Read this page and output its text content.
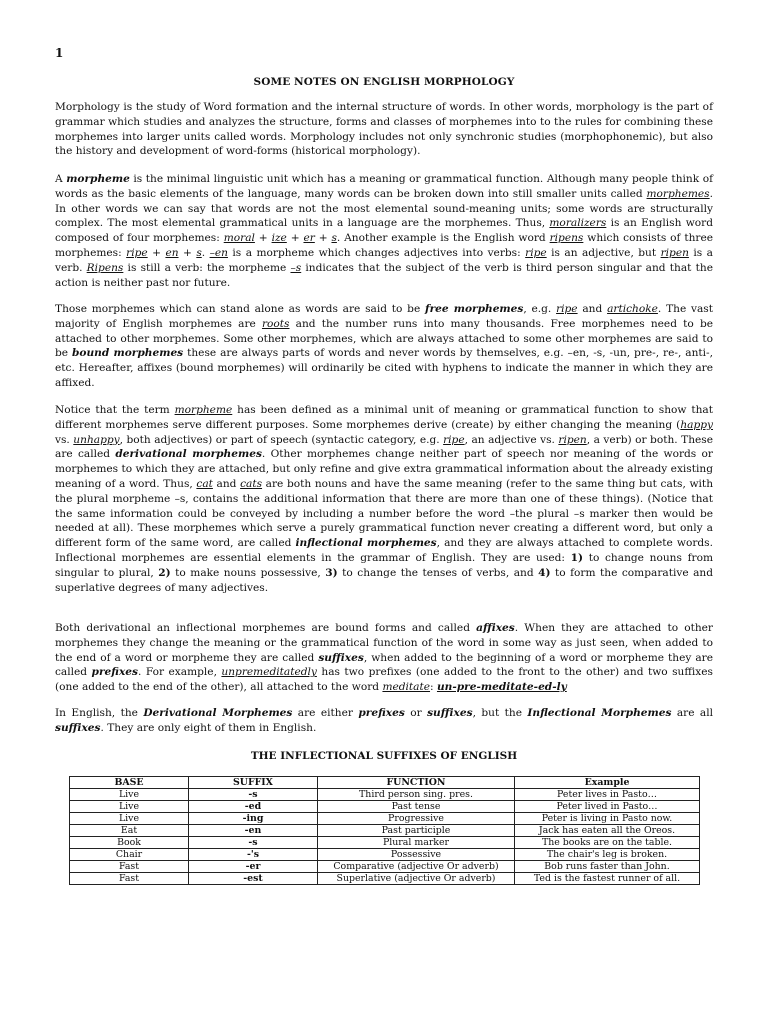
1
SOME NOTES ON ENGLISH MORPHOLOGY

Morphology is the study of Word formation and the internal structure of words. In other words, morphology is the part of grammar which studies and analyzes the structure, forms and classes of morphemes into to the rules for combining these morphemes into larger units called words. Morphology includes not only synchronic studies (morphophonemic), but also the history and development of word-forms (historical morphology).

A morpheme is the minimal linguistic unit which has a meaning or grammatical function. Although many people think of words as the basic elements of the language, many words can be broken down into still smaller units called morphemes. In other words we can say that words are not the most elemental sound-meaning units; some words are structurally complex. The most elemental grammatical units in a language are the morphemes. Thus, moralizers is an English word composed of four morphemes: moral + ize + er + s. Another example is the English word ripens which consists of three morphemes: ripe + en + s. –en is a morpheme which changes adjectives into verbs: ripe is an adjective, but ripen is a verb. Ripens is still a verb: the morpheme –s indicates that the subject of the verb is third person singular and that the action is neither past nor future.

Those morphemes which can stand alone as words are said to be free morphemes, e.g. ripe and artichoke. The vast majority of English morphemes are roots and the number runs into many thousands. Free morphemes need to be attached to other morphemes. Some other morphemes, which are always attached to some other morphemes are said to be bound morphemes these are always parts of words and never words by themselves, e.g. –en, -s, -un, pre-, re-, anti-, etc. Hereafter, affixes (bound morphemes) will ordinarily be cited with hyphens to indicate the manner in which they are affixed.

Notice that the term morpheme has been defined as a minimal unit of meaning or grammatical function to show that different morphemes serve different purposes. Some morphemes derive (create) by either changing the meaning (happy vs. unhappy, both adjectives) or part of speech (syntactic category, e.g. ripe, an adjective vs. ripen, a verb) or both. These are called derivational morphemes. Other morphemes change neither part of speech nor meaning of the words or morphemes to which they are attached, but only refine and give extra grammatical information about the already existing meaning of a word. Thus, cat and cats are both nouns and have the same meaning (refer to the same thing but cats, with the plural morpheme –s, contains the additional information that there are more than one of these things). (Notice that the same information could be conveyed by including a number before the word –the plural –s marker then would be needed at all). These morphemes which serve a purely grammatical function never creating a different word, but only a different form of the same word, are called inflectional morphemes, and they are always attached to complete words. Inflectional morphemes are essential elements in the grammar of English. They are used: 1) to change nouns from singular to plural, 2) to make nouns possessive, 3) to change the tenses of verbs, and 4) to form the comparative and superlative degrees of many adjectives.

Both derivational an inflectional morphemes are bound forms and called affixes. When they are attached to other morphemes they change the meaning or the grammatical function of the word in some way as just seen, when added to the end of a word or morpheme they are called suffixes, when added to the beginning of a word or morpheme they are called prefixes. For example, unpremeditatedly has two prefixes (one added to the front to the other) and two suffixes (one added to the end of the other), all attached to the word meditate: un-pre-meditate-ed-ly

In English, the Derivational Morphemes are either prefixes or suffixes, but the Inflectional Morphemes are all suffixes. They are only eight of them in English.

THE INFLECTIONAL SUFFIXES OF ENGLISH
BASE	SUFFIX	FUNCTION	Example
Live	-s	Third person sing. pres.	Peter lives in Pasto…
Live	-ed	Past tense	Peter lived in Pasto…
Live	-ing	Progressive	Peter is living in Pasto now.
Eat	-en	Past participle	Jack has eaten all the Oreos.
Book	-s	Plural marker	The books are on the table.
Chair	-'s	Possessive	The chair's leg is broken.
Fast	-er	Comparative (adjective Or adverb)	Bob runs faster than John.
Fast	-est	Superlative (adjective Or adverb)	Ted is the fastest runner of all.
